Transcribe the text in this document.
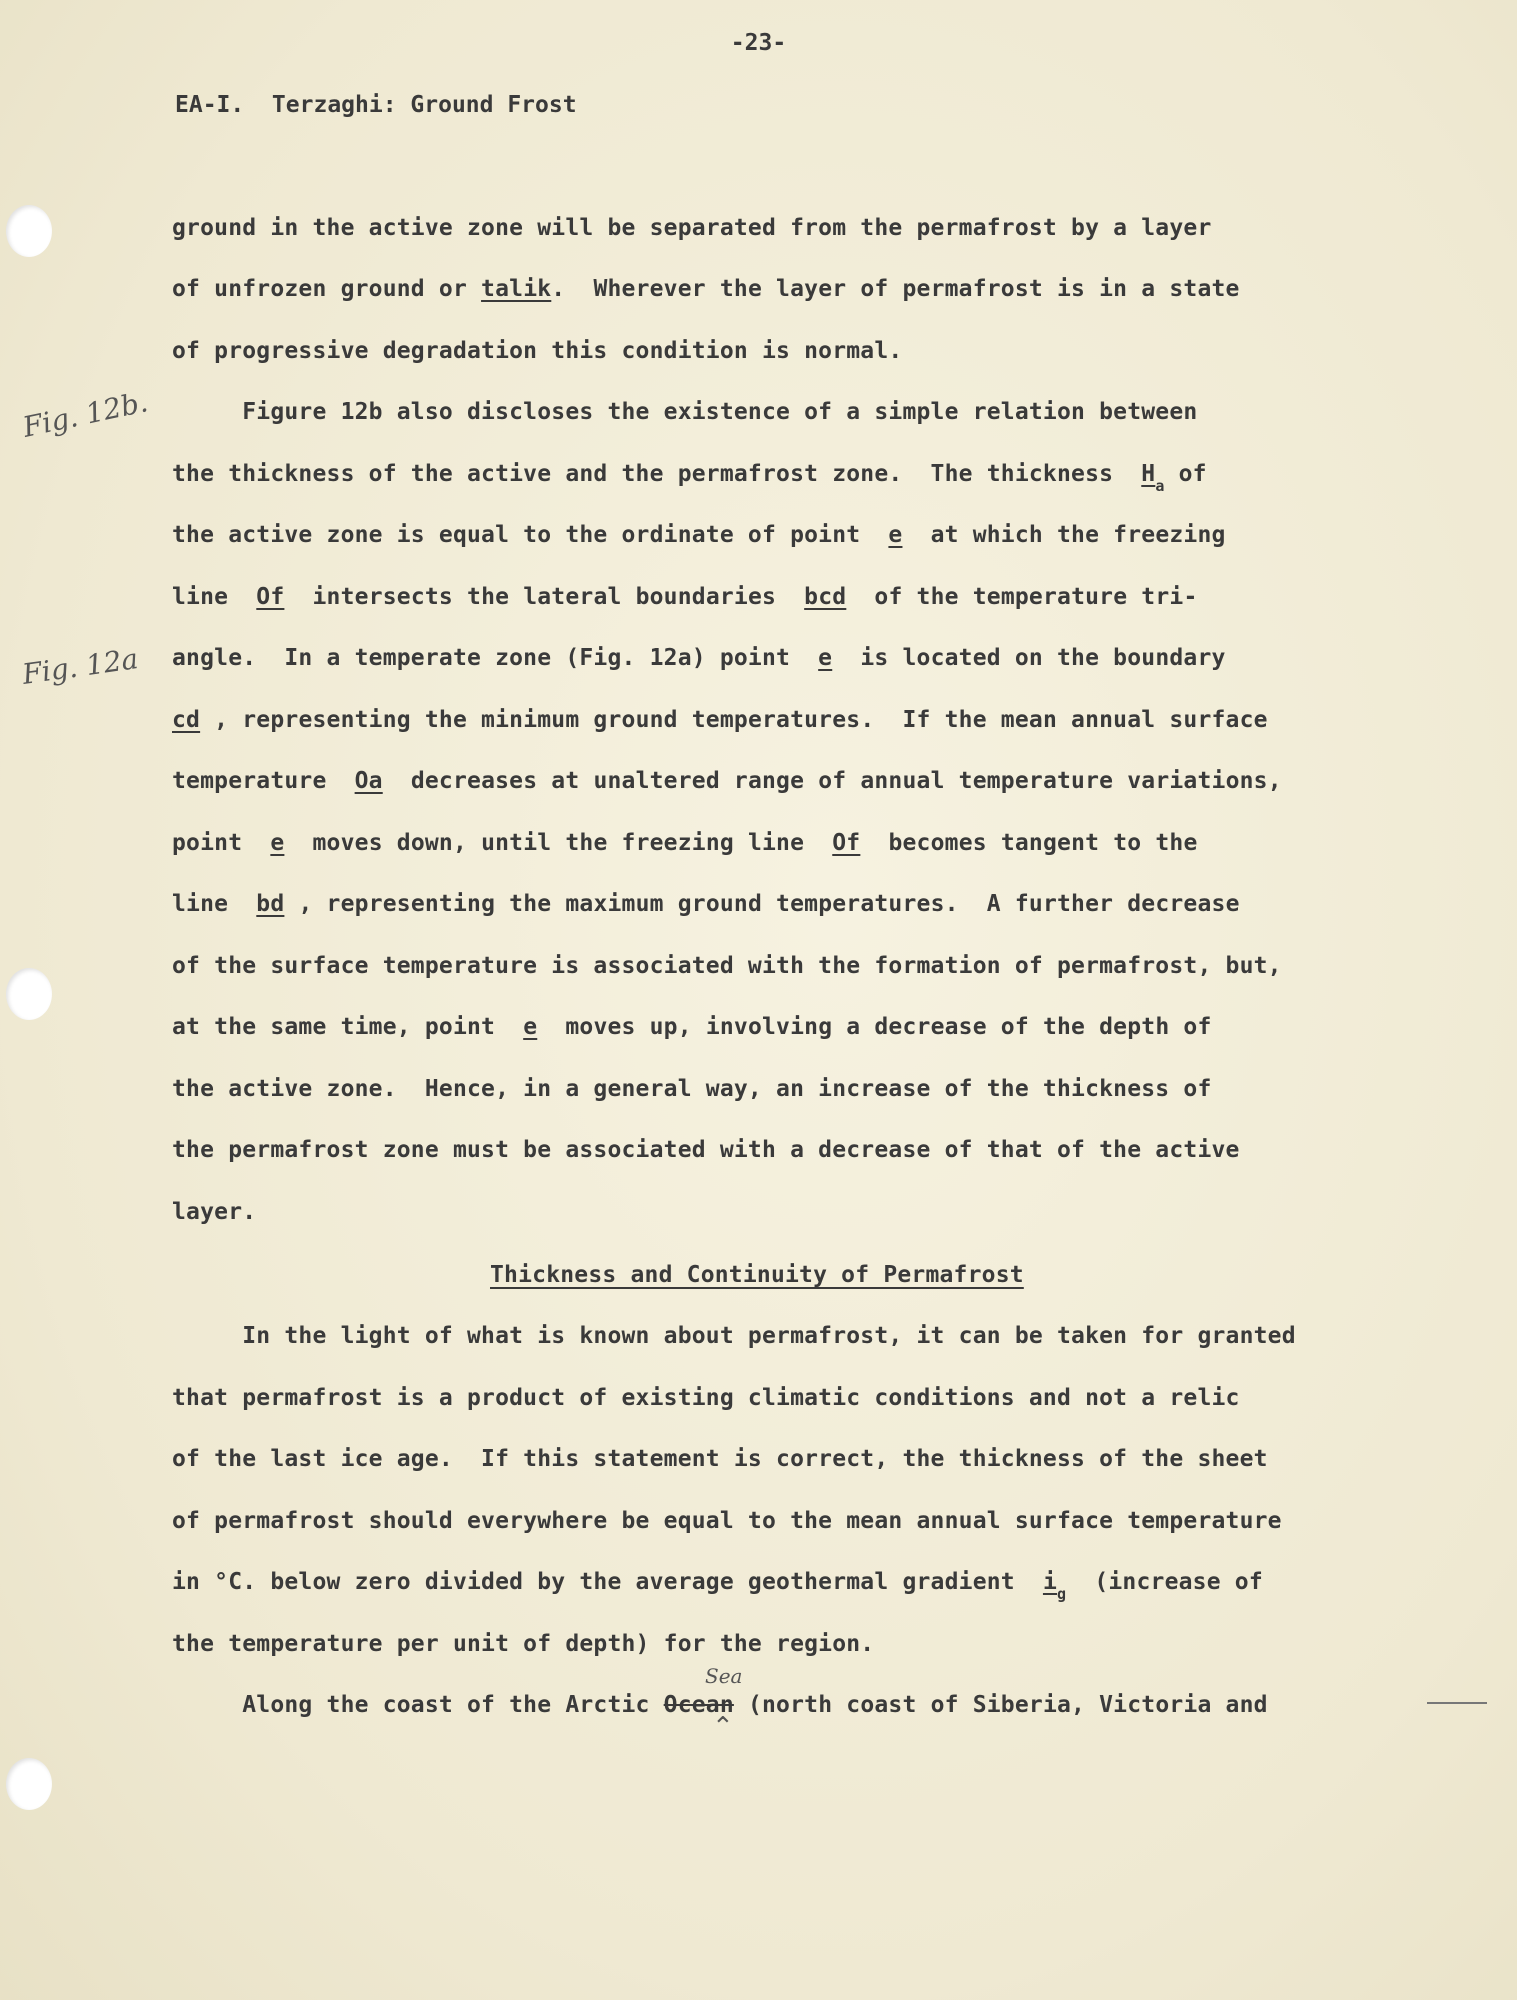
-23-
EA-I.  Terzaghi: Ground Frost
Fig. 12b.
Fig. 12a
ground in the active zone will be separated from the permafrost by a layer
of unfrozen ground or talik.  Wherever the layer of permafrost is in a state
of progressive degradation this condition is normal.
Figure 12b also discloses the existence of a simple relation between
the thickness of the active and the permafrost zone.  The thickness  $H_a$ of
the active zone is equal to the ordinate of point  e  at which the freezing
line  Of  intersects the lateral boundaries  bcd  of the temperature tri-
angle.  In a temperate zone (Fig. 12a) point  e  is located on the boundary
cd , representing the minimum ground temperatures.  If the mean annual surface
temperature  Oa  decreases at unaltered range of annual temperature variations,
point  e  moves down, until the freezing line  Of  becomes tangent to the
line  bd , representing the maximum ground temperatures.  A further decrease
of the surface temperature is associated with the formation of permafrost, but,
at the same time, point  e  moves up, involving a decrease of the depth of
the active zone.  Hence, in a general way, an increase of the thickness of
the permafrost zone must be associated with a decrease of that of the active
layer.
Thickness and Continuity of Permafrost
In the light of what is known about permafrost, it can be taken for granted
that permafrost is a product of existing climatic conditions and not a relic
of the last ice age.  If this statement is correct, the thickness of the sheet
of permafrost should everywhere be equal to the mean annual surface temperature
in °C. below zero divided by the average geothermal gradient  $i_g$  (increase of
the temperature per unit of depth) for the region.
Sea
⌃
Along the coast of the Arctic Ocean (north coast of Siberia, Victoria and
